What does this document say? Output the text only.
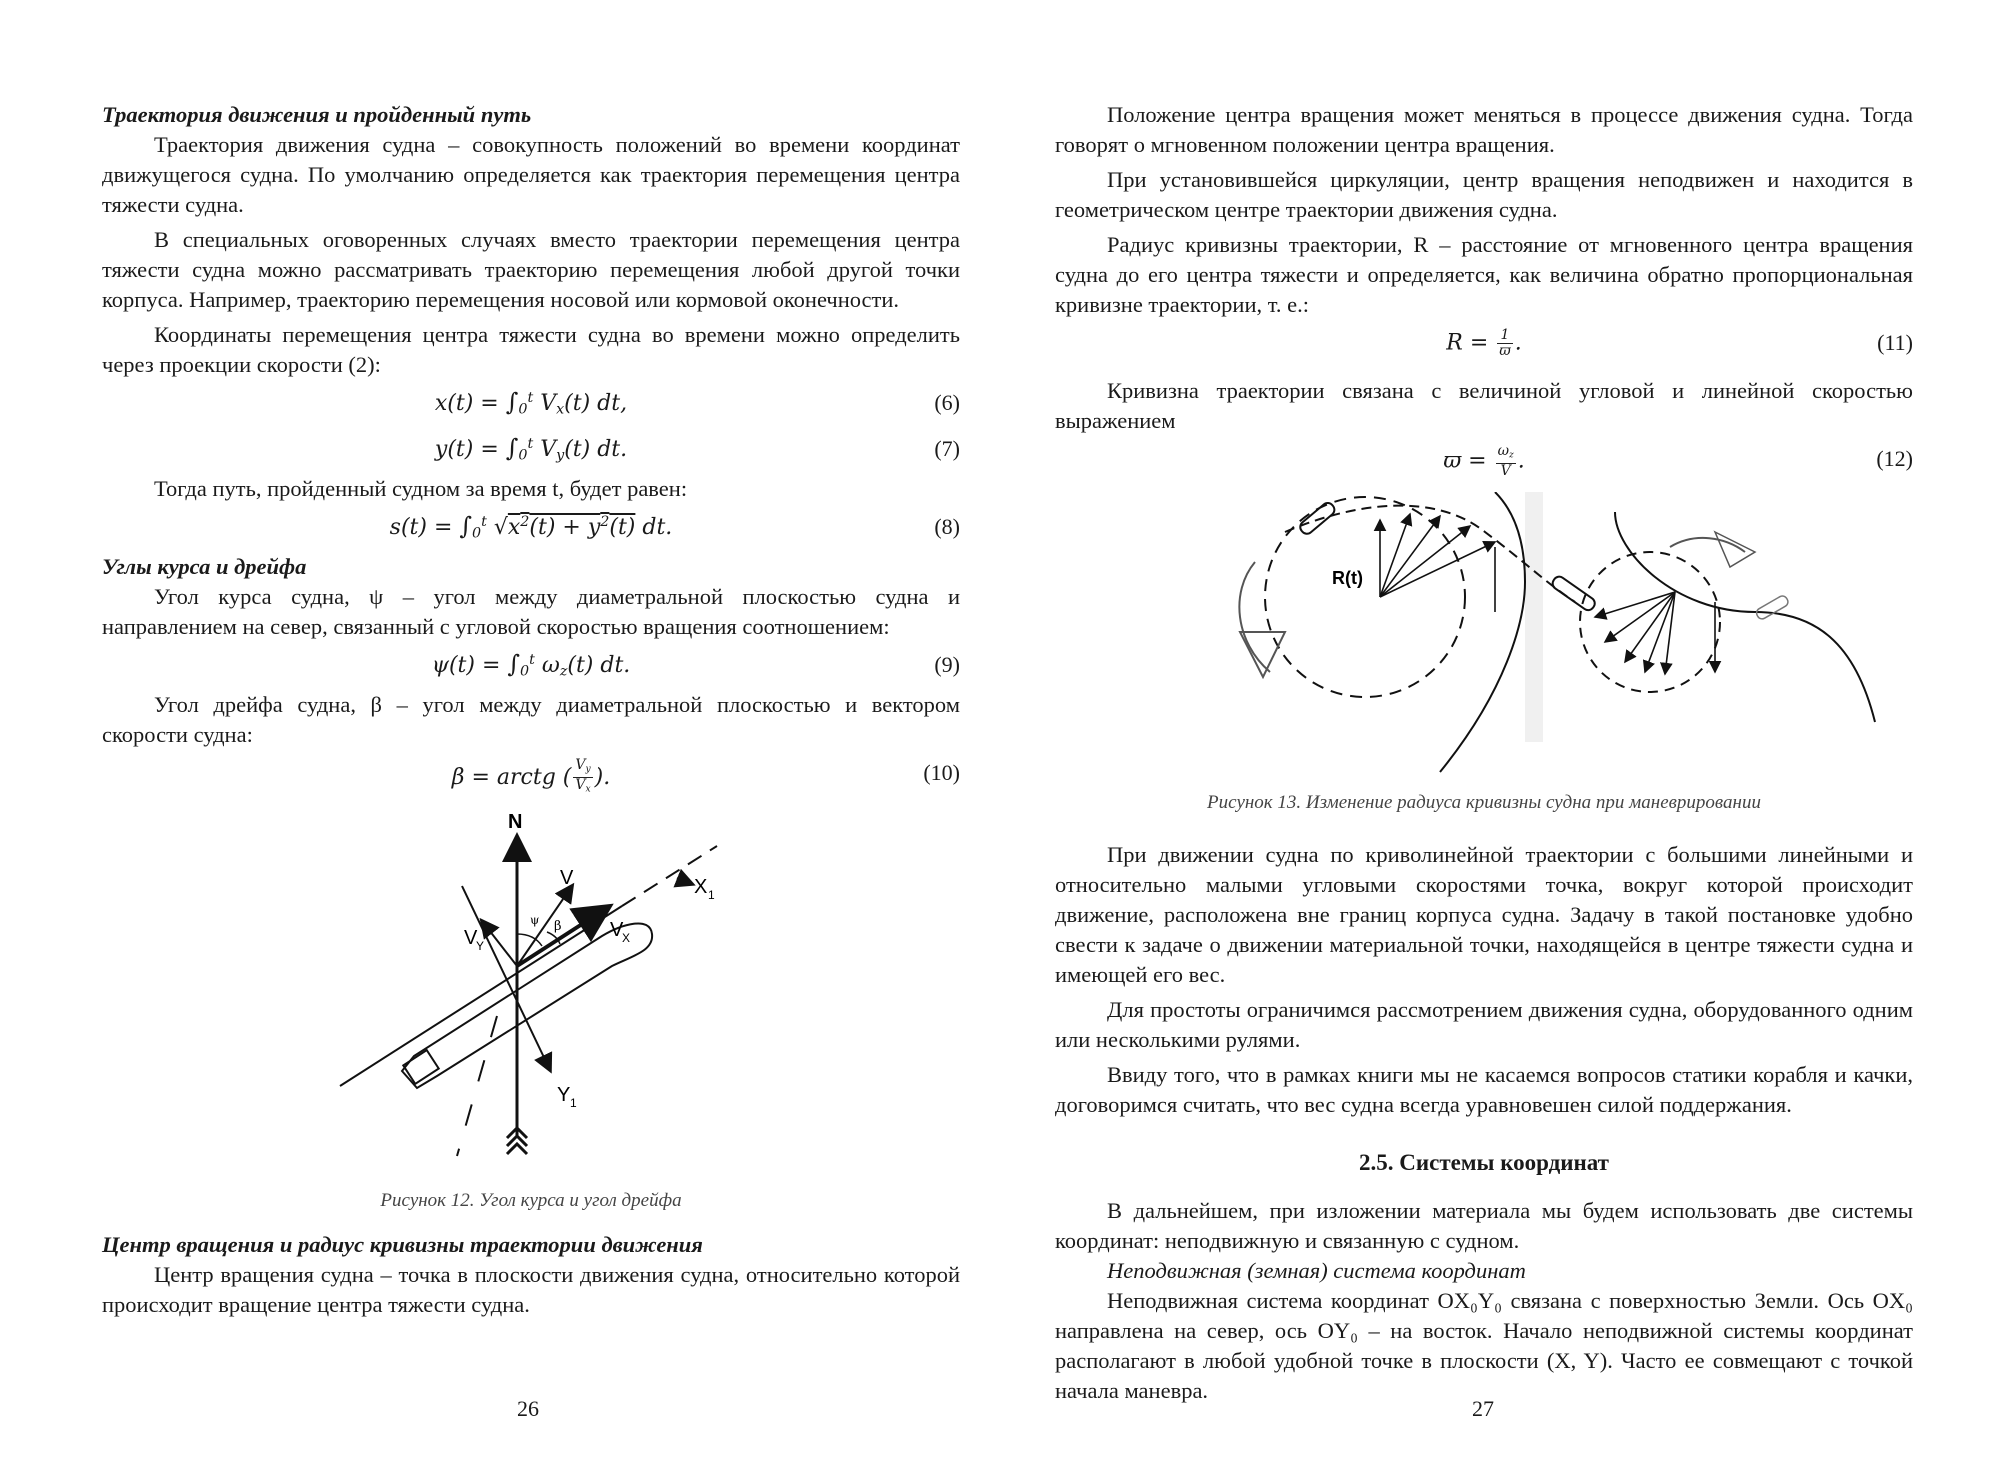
Траектория движения и пройденный путь

Траектория движения судна – совокупность положений во времени координат движущегося судна. По умолчанию определяется как траектория перемещения центра тяжести судна.

В специальных оговоренных случаях вместо траектории перемещения центра тяжести судна можно рассматривать траекторию перемещения любой другой точки корпуса. Например, траекторию перемещения носовой или кормовой оконечности.

Координаты перемещения центра тяжести судна во времени можно определить через проекции скорости (2):

$x(t) = \int_0^t$ $V_x(t)$ dt,	(6)
$y(t) = \int_0^t$ $V_y(t)$ dt.	(7)

Тогда путь, пройденный судном за время t, будет равен:

$s(t) = \int_0^t$ $√x^2(t) + y^2(t)$ dt.	(8)
Углы курса и дрейфа

Угол курса судна, ψ – угол между диаметральной плоскостью судна и направлением на север, связанный с угловой скоростью вращения соотношением:

$\psi(t) = \int_0^t$ $\omega_z(t)$ dt.	(9)

Угол дрейфа судна, β – угол между диаметральной плоскостью и вектором скорости судна:

β = arctg ( $\frac{V_y}{V_x}$ ).	(10)
N
V	X 1
V
Y
V
X
ψ β
Y 1
Рисунок 12. Угол курса и угол дрейфа
Центр вращения и радиус кривизны траектории движения

Центр вращения судна – точка в плоскости движения судна, относительно которой происходит вращение центра тяжести судна.

26

Положение центра вращения может меняться в процессе движения судна. Тогда говорят о мгновенном положении центра вращения.

При установившейся циркуляции, центр вращения неподвижен и находится в геометрическом центре траектории движения судна.

Радиус кривизны траектории, R – расстояние от мгновенного центра вращения судна до его центра тяжести и определяется, как величина обратно пропорциональная кривизне траектории, т. е.:

$R = \frac{1}{ϖ}$ .	(11)

Кривизна траектории связана с величиной угловой и линейной скоростью выражением

$ϖ = \frac{\omega_z}{V}$ .	(12)
R(t)
Рисунок 13. Изменение радиуса кривизны судна при маневрировании

При движении судна по криволинейной траектории с большими линейными и относительно малыми угловыми скоростями точка, вокруг которой происходит движение, расположена вне границ корпуса судна. Задачу в такой постановке удобно свести к задаче о движении материальной точки, находящейся в центре тяжести судна и имеющей его вес.

Для простоты ограничимся рассмотрением движения судна, оборудованного одним или несколькими рулями.

Ввиду того, что в рамках книги мы не касаемся вопросов статики корабля и качки, договоримся считать, что вес судна всегда уравновешен силой поддержания.

2.5. Системы координат

В дальнейшем, при изложении материала мы будем использовать две системы координат: неподвижную и связанную с судном.

Неподвижная (земная) система координат

Неподвижная система координат OX₀Y₀ связана с поверхностью Земли. Ось OX₀ направлена на север, ось OY₀ – на восток. Начало неподвижной системы координат располагают в любой удобной точке в плоскости (X, Y). Часто ее совмещают с точкой начала маневра.

27
